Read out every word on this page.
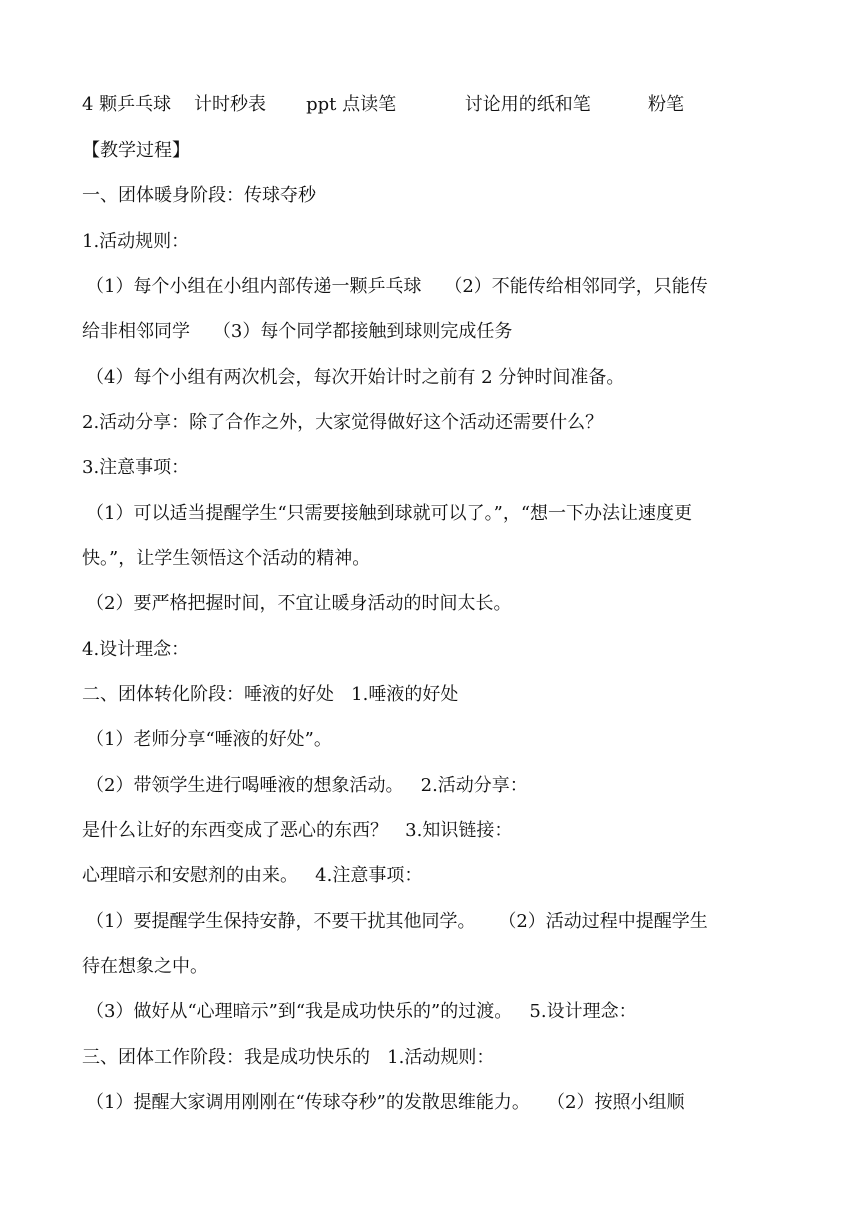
4 颗乒乓球    计时秒表       ppt 点读笔            讨论用的纸和笔          粉笔
【教学过程】
一、团体暖身阶段：传球夺秒
1.活动规则：
（1）每个小组在小组内部传递一颗乒乓球    （2）不能传给相邻同学，只能传
给非相邻同学    （3）每个同学都接触到球则完成任务
（4）每个小组有两次机会，每次开始计时之前有 2 分钟时间准备。
2.活动分享：除了合作之外，大家觉得做好这个活动还需要什么？
3.注意事项：
（1）可以适当提醒学生“只需要接触到球就可以了。”，“想一下办法让速度更
快。”，让学生领悟这个活动的精神。
（2）要严格把握时间，不宜让暖身活动的时间太长。
4.设计理念：
二、团体转化阶段：唾液的好处   1.唾液的好处
（1）老师分享“唾液的好处”。
（2）带领学生进行喝唾液的想象活动。   2.活动分享：
是什么让好的东西变成了恶心的东西？   3.知识链接：
心理暗示和安慰剂的由来。   4.注意事项：
（1）要提醒学生保持安静，不要干扰其他同学。    （2）活动过程中提醒学生
待在想象之中。
（3）做好从“心理暗示”到“我是成功快乐的”的过渡。   5.设计理念：
三、团体工作阶段：我是成功快乐的   1.活动规则：
（1）提醒大家调用刚刚在“传球夺秒”的发散思维能力。   （2）按照小组顺
